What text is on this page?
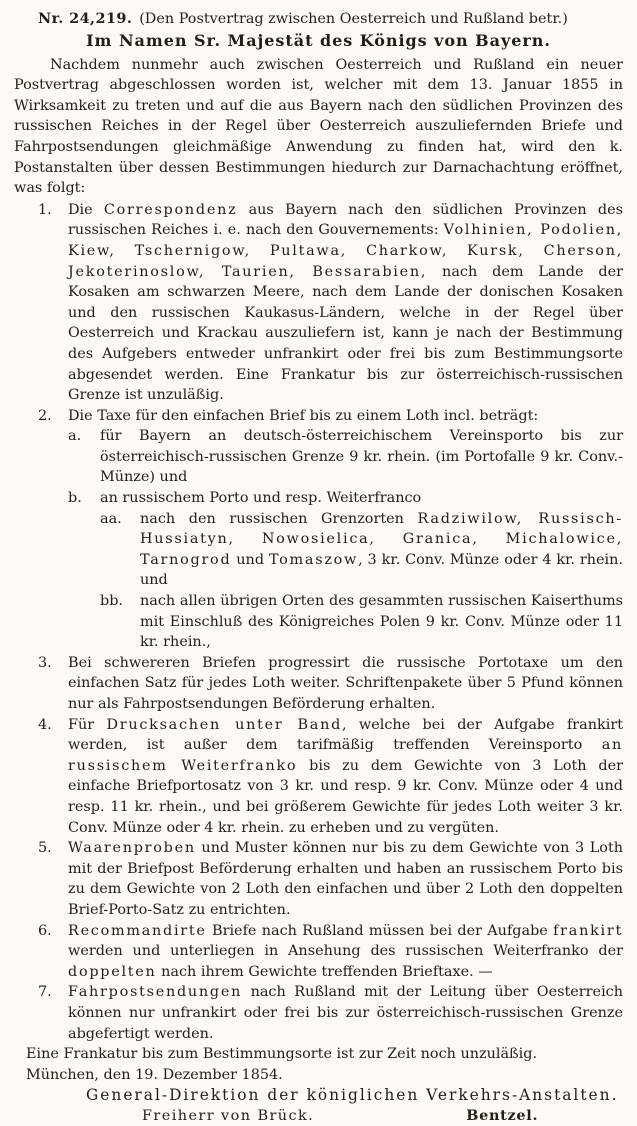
Nr. 24,219. (Den Postvertrag zwischen Oesterreich und Rußland betr.)
Im Namen Sr. Majestät des Königs von Bayern.

Nachdem nunmehr auch zwischen Oesterreich und Rußland ein neuer Postvertrag abgeschlossen worden ist, welcher mit dem 13. Januar 1855 in Wirksamkeit zu treten und auf die aus Bayern nach den südlichen Provinzen des russischen Reiches in der Regel über Oesterreich auszuliefernden Briefe und Fahrpostsendungen gleichmäßige Anwendung zu finden hat, wird den k. Postanstalten über dessen Bestimmungen hiedurch zur Darnachachtung eröffnet, was folgt:

1.	Die Correspondenz aus Bayern nach den südlichen Provinzen des russischen Reiches i. e. nach den Gouvernements: Volhinien, Podolien, Kiew, Tschernigow, Pultawa, Charkow, Kursk, Cherson, Jekoterinoslow, Taurien, Bessarabien, nach dem Lande der Kosaken am schwarzen Meere, nach dem Lande der donischen Kosaken und den russischen Kaukasus-Ländern, welche in der Regel über Oesterreich und Krackau auszuliefern ist, kann je nach der Bestimmung des Aufgebers entweder unfrankirt oder frei bis zum Bestimmungsorte abgesendet werden. Eine Frankatur bis zur österreichisch-russischen Grenze ist unzuläßig.

2.	Die Taxe für den einfachen Brief bis zu einem Loth incl. beträgt:

a.	für Bayern an deutsch-österreichischem Vereinsporto bis zur österreichisch-russischen Grenze 9 kr. rhein. (im Portofalle 9 kr. Conv.-Münze) und

b.	an russischem Porto und resp. Weiterfranco

aa.	nach den russischen Grenzorten Radziwilow, Russisch-Hussiatyn, Nowosielica, Granica, Michalowice, Tarnogrod und Tomaszow, 3 kr. Conv. Münze oder 4 kr. rhein. und

bb.	nach allen übrigen Orten des gesammten russischen Kaiserthums mit Einschluß des Königreiches Polen 9 kr. Conv. Münze oder 11 kr. rhein.,

3.	Bei schwereren Briefen progressirt die russische Portotaxe um den einfachen Satz für jedes Loth weiter. Schriftenpakete über 5 Pfund können nur als Fahrpostsendungen Beförderung erhalten.

4.	Für Drucksachen unter Band, welche bei der Aufgabe frankirt werden, ist außer dem tarifmäßig treffenden Vereinsporto an russischem Weiterfranko bis zu dem Gewichte von 3 Loth der einfache Briefportosatz von 3 kr. und resp. 9 kr. Conv. Münze oder 4 und resp. 11 kr. rhein., und bei größerem Gewichte für jedes Loth weiter 3 kr. Conv. Münze oder 4 kr. rhein. zu erheben und zu vergüten.

5.	Waarenproben und Muster können nur bis zu dem Gewichte von 3 Loth mit der Briefpost Beförderung erhalten und haben an russischem Porto bis zu dem Gewichte von 2 Loth den einfachen und über 2 Loth den doppelten Brief-Porto-Satz zu entrichten.

6.	Recommandirte Briefe nach Rußland müssen bei der Aufgabe frankirt werden und unterliegen in Ansehung des russischen Weiterfranko der doppelten nach ihrem Gewichte treffenden Brieftaxe. —

7.	Fahrpostsendungen nach Rußland mit der Leitung über Oesterreich können nur unfrankirt oder frei bis zur österreichisch-russischen Grenze abgefertigt werden.

Eine Frankatur bis zum Bestimmungsorte ist zur Zeit noch unzuläßig.

München, den 19. Dezember 1854.

General-Direktion der königlichen Verkehrs-Anstalten.

Freiherr von Brück.	Bentzel.
